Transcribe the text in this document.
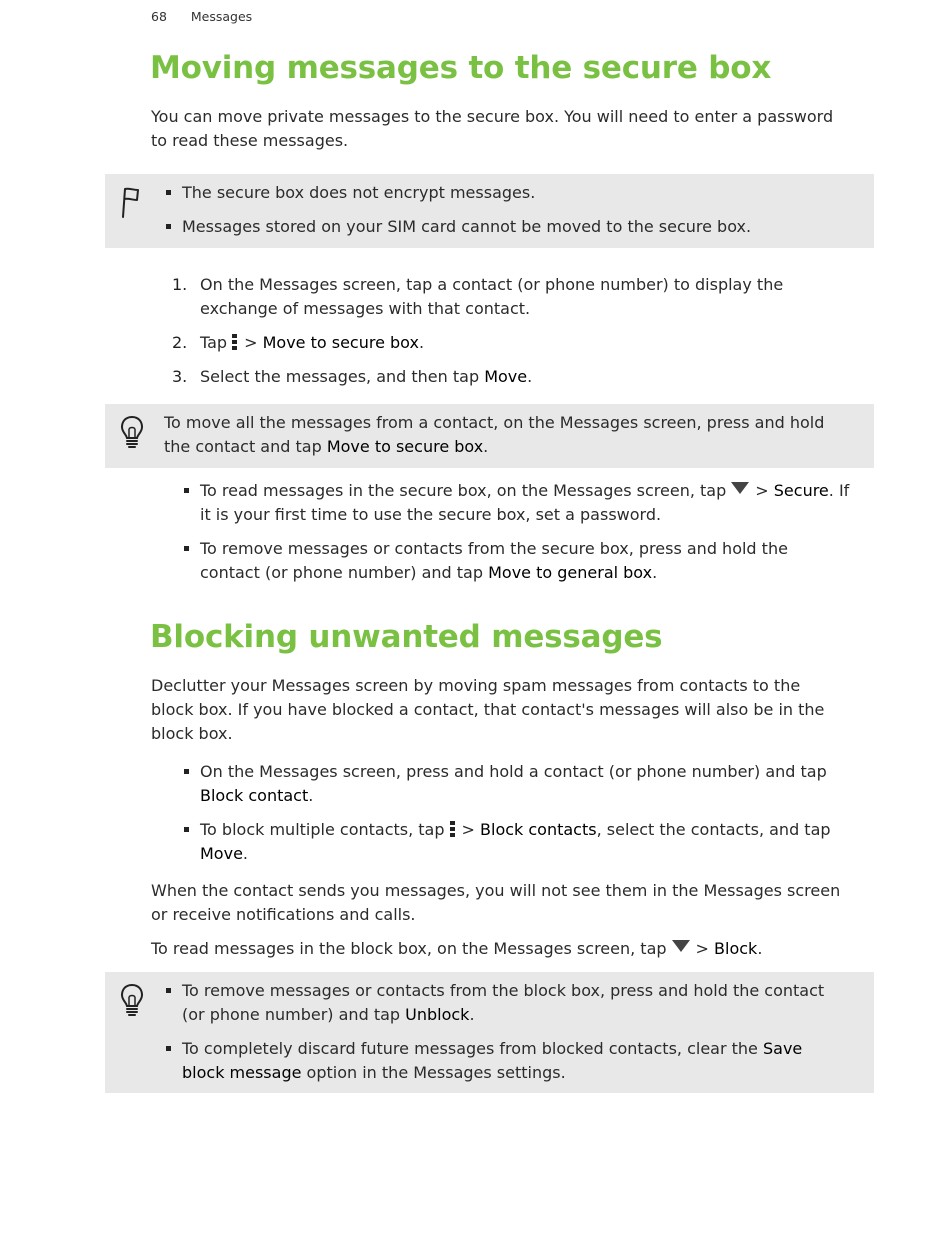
68 Messages
Moving messages to the secure box
You can move private messages to the secure box. You will need to enter a password
to read these messages.
The secure box does not encrypt messages.
Messages stored on your SIM card cannot be moved to the secure box.
1. On the Messages screen, tap a contact (or phone number) to display the
exchange of messages with that contact.
2. Tap > Move to secure box.
3. Select the messages, and then tap Move.
To move all the messages from a contact, on the Messages screen, press and hold
the contact and tap Move to secure box.
To read messages in the secure box, on the Messages screen, tap > Secure. If
it is your first time to use the secure box, set a password.
To remove messages or contacts from the secure box, press and hold the
contact (or phone number) and tap Move to general box.
Blocking unwanted messages
Declutter your Messages screen by moving spam messages from contacts to the
block box. If you have blocked a contact, that contact's messages will also be in the
block box.
On the Messages screen, press and hold a contact (or phone number) and tap
Block contact.
To block multiple contacts, tap > Block contacts, select the contacts, and tap
Move.
When the contact sends you messages, you will not see them in the Messages screen
or receive notifications and calls.
To read messages in the block box, on the Messages screen, tap > Block.
To remove messages or contacts from the block box, press and hold the contact
(or phone number) and tap Unblock.
To completely discard future messages from blocked contacts, clear the Save
block message option in the Messages settings.
